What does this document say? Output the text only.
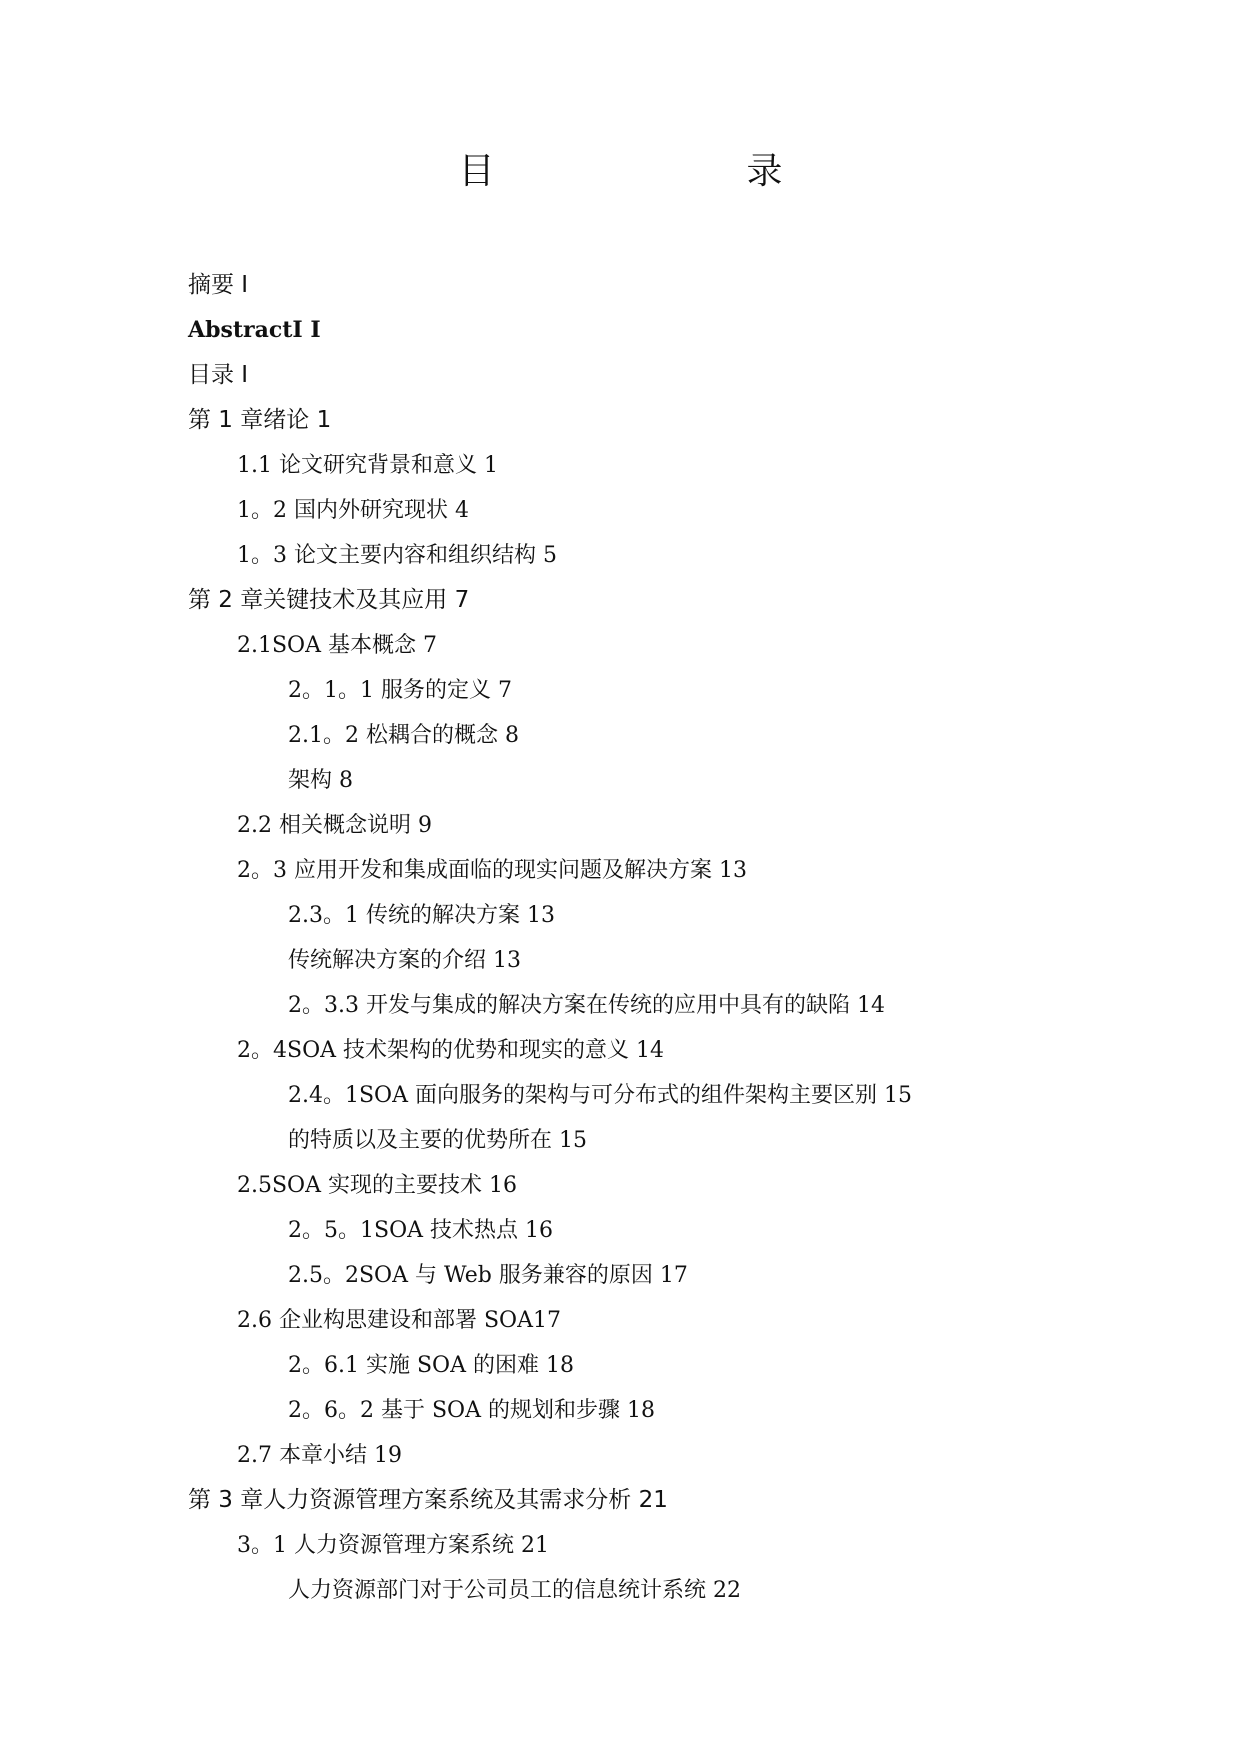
目　　录
摘要 I
AbstractI I
目录 I
第 1 章绪论 1
1.1 论文研究背景和意义 1
1。2 国内外研究现状 4
1。3 论文主要内容和组织结构 5
第 2 章关键技术及其应用 7
2.1SOA 基本概念 7
2。1。1 服务的定义 7
2.1。2 松耦合的概念 8
架构 8
2.2 相关概念说明 9
2。3 应用开发和集成面临的现实问题及解决方案 13
2.3。1 传统的解决方案 13
传统解决方案的介绍 13
2。3.3 开发与集成的解决方案在传统的应用中具有的缺陷 14
2。4SOA 技术架构的优势和现实的意义 14
2.4。1SOA 面向服务的架构与可分布式的组件架构主要区别 15
的特质以及主要的优势所在 15
2.5SOA 实现的主要技术 16
2。5。1SOA 技术热点 16
2.5。2SOA 与 Web 服务兼容的原因 17
2.6 企业构思建设和部署 SOA17
2。6.1 实施 SOA 的困难 18
2。6。2 基于 SOA 的规划和步骤 18
2.7 本章小结 19
第 3 章人力资源管理方案系统及其需求分析 21
3。1 人力资源管理方案系统 21
人力资源部门对于公司员工的信息统计系统 22
